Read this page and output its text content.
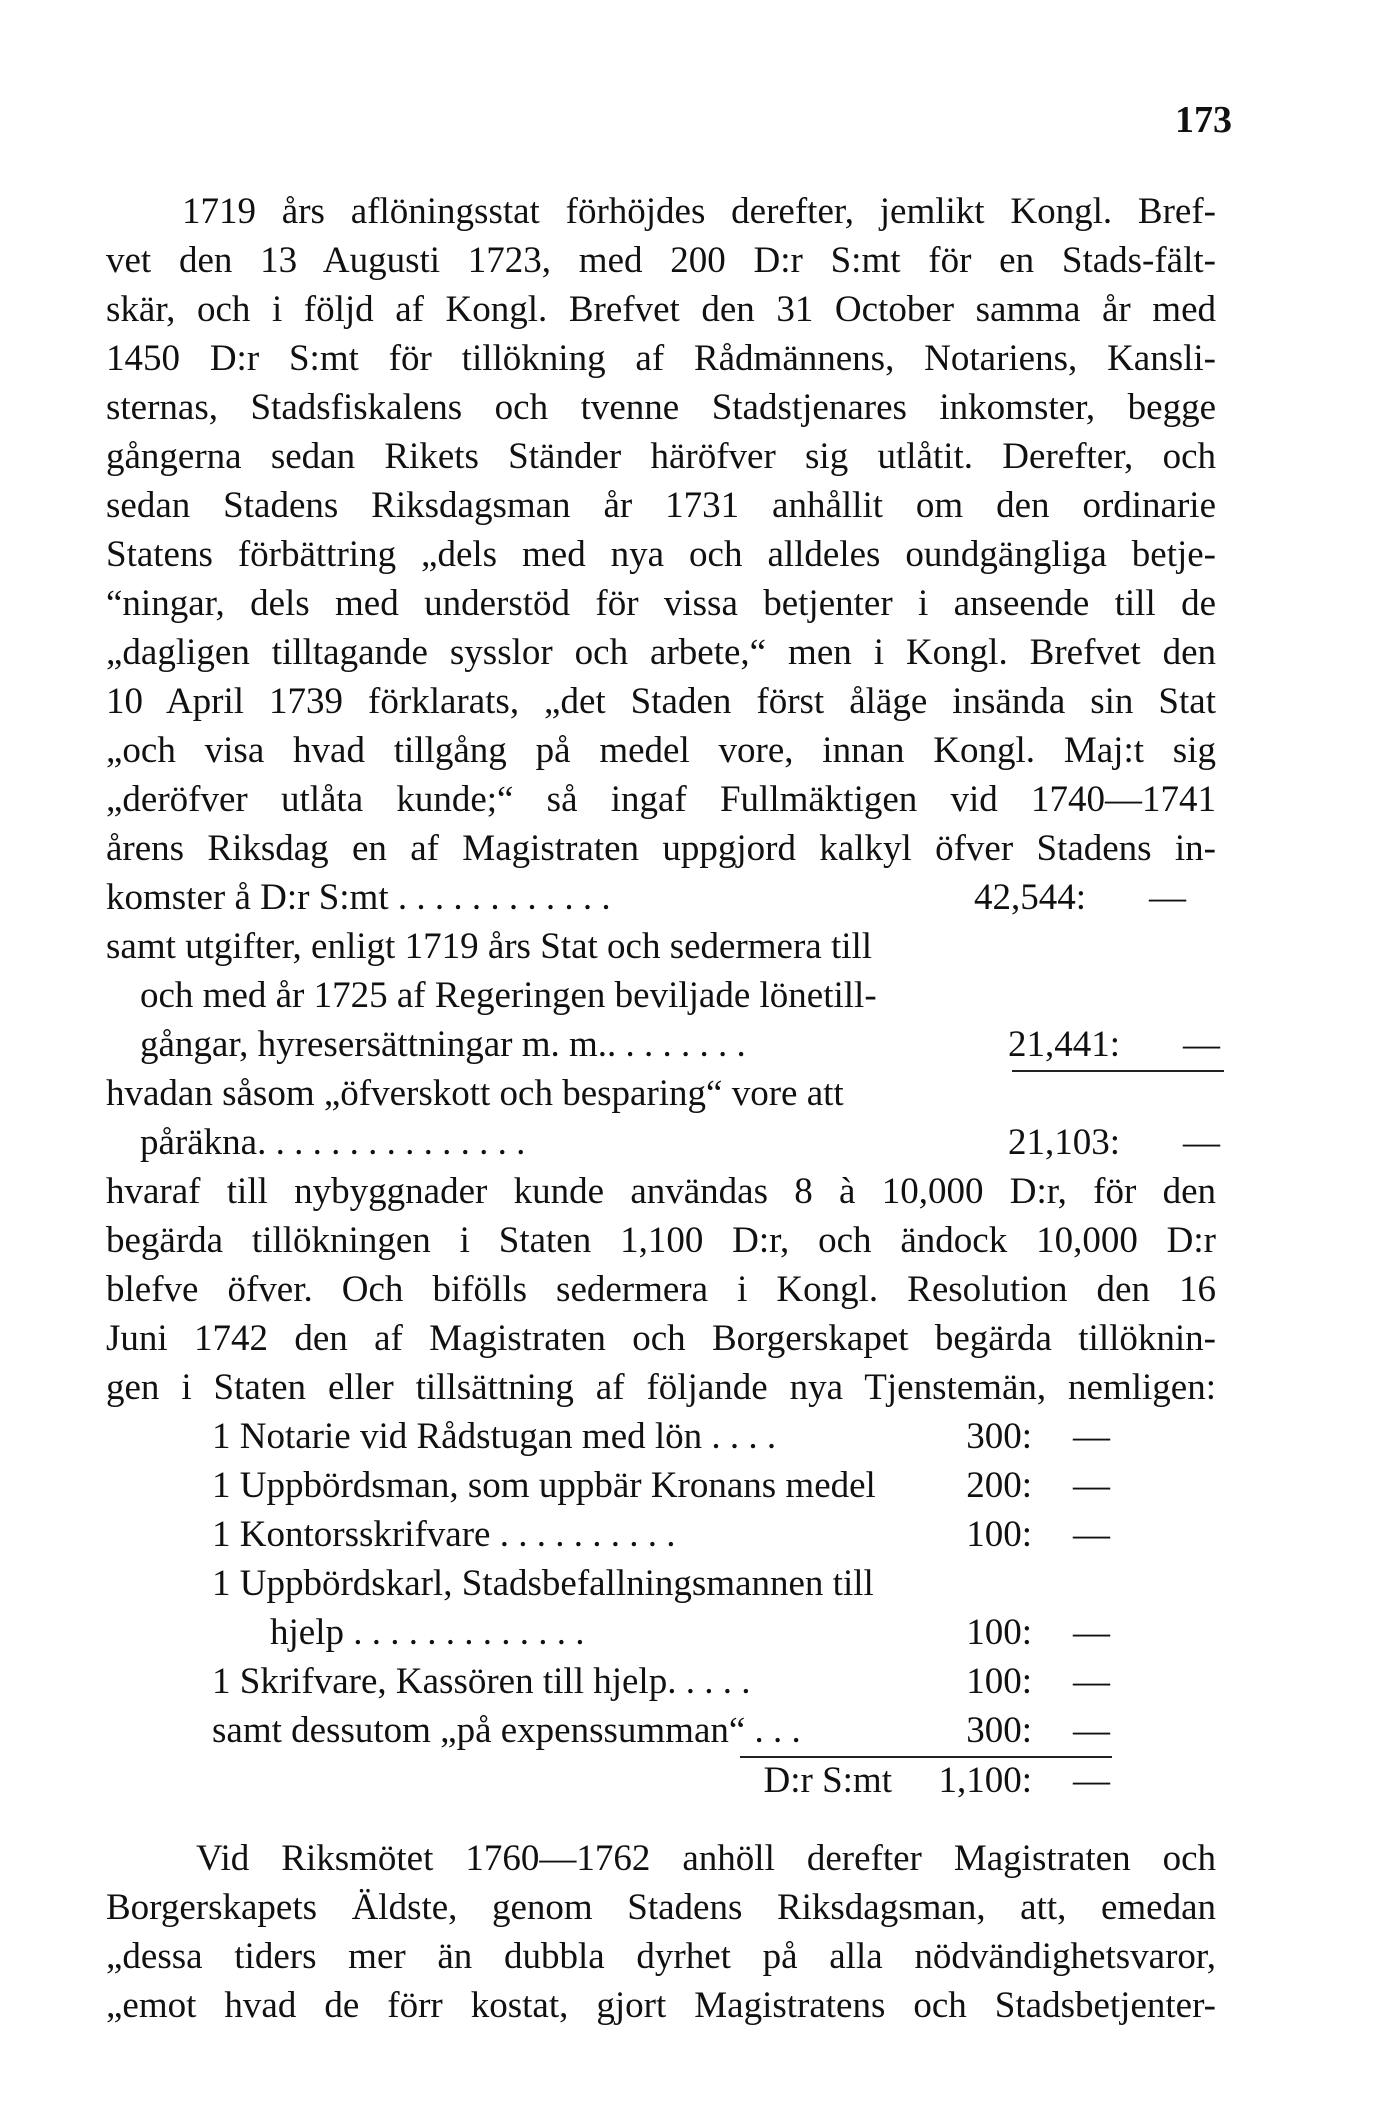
173
1719 års aflöningsstat förhöjdes derefter, jemlikt Kongl. Bref-
vet den 13 Augusti 1723, med 200 D:r S:mt för en Stads-fält-
skär, och i följd af Kongl. Brefvet den 31 October samma år med
1450 D:r S:mt för tillökning af Rådmännens, Notariens, Kansli-
sternas, Stadsfiskalens och tvenne Stadstjenares inkomster, begge
gångerna sedan Rikets Ständer häröfver sig utlåtit. Derefter, och
sedan Stadens Riksdagsman år 1731 anhållit om den ordinarie
Statens förbättring „dels med nya och alldeles oundgängliga betje-
“ningar, dels med understöd för vissa betjenter i anseende till de
„dagligen tilltagande sysslor och arbete,“ men i Kongl. Brefvet den
10 April 1739 förklarats, „det Staden först åläge insända sin Stat
„och visa hvad tillgång på medel vore, innan Kongl. Maj:t sig
„deröfver utlåta kunde;“ så ingaf Fullmäktigen vid 1740—1741
årens Riksdag en af Magistraten uppgjord kalkyl öfver Stadens in-
komster å D:r S:mt . . . . . . . . . . . .	42,544: —
samt utgifter, enligt 1719 års Stat och sedermera till
och med år 1725 af Regeringen beviljade lönetill-
gångar, hyresersättningar m. m.. . . . . . . .	21,441: —
hvadan såsom „öfverskott och besparing“ vore att
påräkna. . . . . . . . . . . . . . .	21,103: —
hvaraf till nybyggnader kunde användas 8 à 10,000 D:r, för den
begärda tillökningen i Staten 1,100 D:r, och ändock 10,000 D:r
blefve öfver. Och bifölls sedermera i Kongl. Resolution den 16
Juni 1742 den af Magistraten och Borgerskapet begärda tillöknin-
gen i Staten eller tillsättning af följande nya Tjenstemän, nemligen:
1 Notarie vid Rådstugan med lön . . . .	300: —
1 Uppbördsman, som uppbär Kronans medel 200: —
1 Kontorsskrifvare . . . . . . . . . .	100: —
1 Uppbördskarl, Stadsbefallningsmannen till
hjelp . . . . . . . . . . . . .	100: —
1 Skrifvare, Kassören till hjelp. . . . .	100: —
samt dessutom „på expenssumman“ . . .	300: —
D:r S:mt 1,100: —
Vid Riksmötet 1760—1762 anhöll derefter Magistraten och
Borgerskapets Äldste, genom Stadens Riksdagsman, att, emedan
„dessa tiders mer än dubbla dyrhet på alla nödvändighetsvaror,
„emot hvad de förr kostat, gjort Magistratens och Stadsbetjenter-
